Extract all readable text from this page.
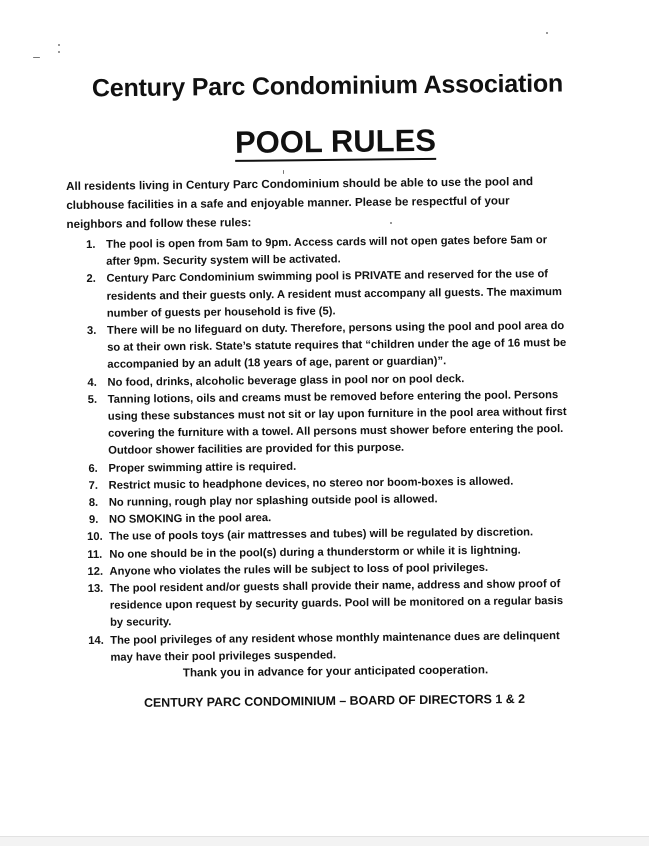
Century Parc Condominium Association
POOL RULES
All residents living in Century Parc Condominium should be able to use the pool and clubhouse facilities in a safe and enjoyable manner. Please be respectful of your neighbors and follow these rules:
1. The pool is open from 5am to 9pm. Access cards will not open gates before 5am or after 9pm. Security system will be activated.
2. Century Parc Condominium swimming pool is PRIVATE and reserved for the use of residents and their guests only. A resident must accompany all guests. The maximum number of guests per household is five (5).
3. There will be no lifeguard on duty. Therefore, persons using the pool and pool area do so at their own risk. State’s statute requires that “children under the age of 16 must be accompanied by an adult (18 years of age, parent or guardian)”.
4. No food, drinks, alcoholic beverage glass in pool nor on pool deck.
5. Tanning lotions, oils and creams must be removed before entering the pool. Persons using these substances must not sit or lay upon furniture in the pool area without first covering the furniture with a towel. All persons must shower before entering the pool. Outdoor shower facilities are provided for this purpose.
6. Proper swimming attire is required.
7. Restrict music to headphone devices, no stereo nor boom-boxes is allowed.
8. No running, rough play nor splashing outside pool is allowed.
9. NO SMOKING in the pool area.
10. The use of pools toys (air mattresses and tubes) will be regulated by discretion.
11. No one should be in the pool(s) during a thunderstorm or while it is lightning.
12. Anyone who violates the rules will be subject to loss of pool privileges.
13. The pool resident and/or guests shall provide their name, address and show proof of residence upon request by security guards. Pool will be monitored on a regular basis by security.
14. The pool privileges of any resident whose monthly maintenance dues are delinquent may have their pool privileges suspended.
Thank you in advance for your anticipated cooperation.
CENTURY PARC CONDOMINIUM – BOARD OF DIRECTORS 1 & 2
